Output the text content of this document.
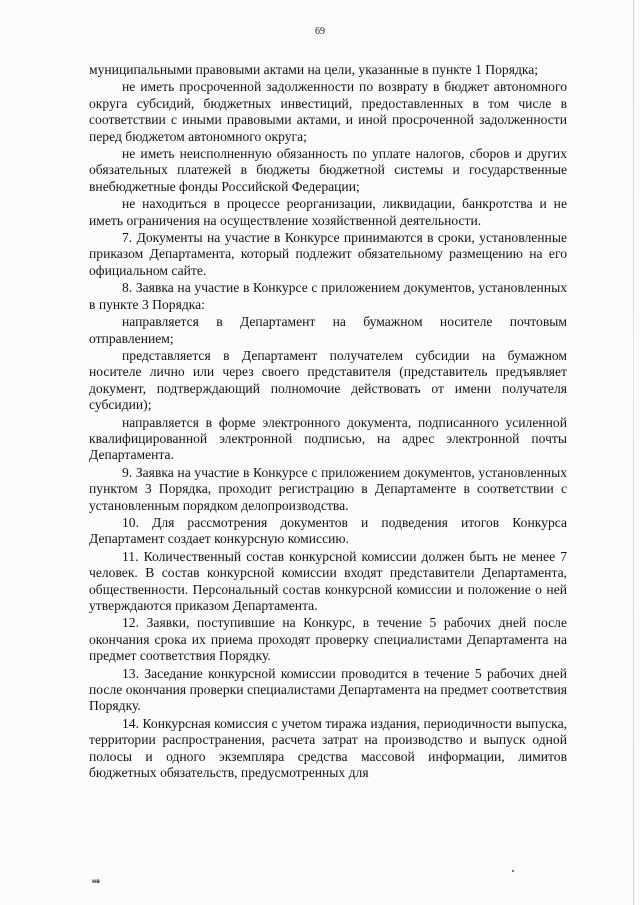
69

муниципальными правовыми актами на цели, указанные в пункте 1 Порядка;

не иметь просроченной задолженности по возврату в бюджет автономного округа субсидий, бюджетных инвестиций, предоставленных в том числе в соответствии с иными правовыми актами, и иной просроченной задолженности перед бюджетом автономного округа;

не иметь неисполненную обязанность по уплате налогов, сборов и других обязательных платежей в бюджеты бюджетной системы и государственные внебюджетные фонды Российской Федерации;

не находиться в процессе реорганизации, ликвидации, банкротства и не иметь ограничения на осуществление хозяйственной деятельности.

7. Документы на участие в Конкурсе принимаются в сроки, установленные приказом Департамента, который подлежит обязательному размещению на его официальном сайте.

8. Заявка на участие в Конкурсе с приложением документов, установленных в пункте 3 Порядка:

направляется в Департамент на бумажном носителе почтовым отправлением;

представляется в Департамент получателем субсидии на бумажном носителе лично или через своего представителя (представитель предъявляет документ, подтверждающий полномочие действовать от имени получателя субсидии);

направляется в форме электронного документа, подписанного усиленной квалифицированной электронной подписью, на адрес электронной почты Департамента.

9. Заявка на участие в Конкурсе с приложением документов, установленных пунктом 3 Порядка, проходит регистрацию в Департаменте в соответствии с установленным порядком делопроизводства.

10. Для рассмотрения документов и подведения итогов Конкурса Департамент создает конкурсную комиссию.

11. Количественный состав конкурсной комиссии должен быть не менее 7 человек. В состав конкурсной комиссии входят представители Департамента, общественности. Персональный состав конкурсной комиссии и положение о ней утверждаются приказом Департамента.

12. Заявки, поступившие на Конкурс, в течение 5 рабочих дней после окончания срока их приема проходят проверку специалистами Департамента на предмет соответствия Порядку.

13. Заседание конкурсной комиссии проводится в течение 5 рабочих дней после окончания проверки специалистами Департамента на предмет соответствия Порядку.

14. Конкурсная комиссия с учетом тиража издания, периодичности выпуска, территории распространения, расчета затрат на производство и выпуск одной полосы и одного экземпляра средства массовой информации, лимитов бюджетных обязательств, предусмотренных для

нв
